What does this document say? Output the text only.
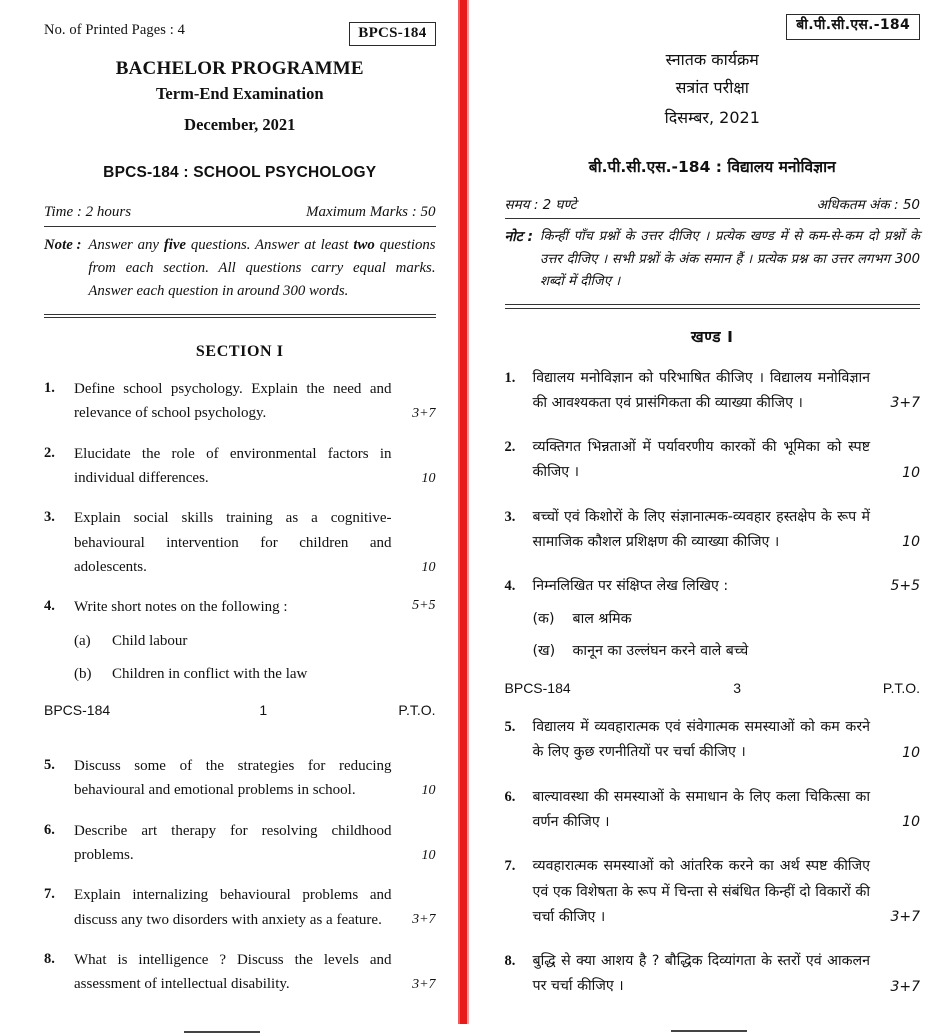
No. of Printed Pages : 4	BPCS-184
BACHELOR PROGRAMME
Term-End Examination
December, 2021
BPCS-184 : SCHOOL PSYCHOLOGY
Time : 2 hours	Maximum Marks : 50
Note : Answer any five questions. Answer at least two questions from each section. All questions carry equal marks. Answer each question in around 300 words.
SECTION I
1.	Define school psychology. Explain the need and relevance of school psychology.	3+7
2.	Elucidate the role of environmental factors in individual differences.	10
3.	Explain social skills training as a cognitive-behavioural intervention for children and adolescents.	10
4.	Write short notes on the following :	5+5
(a)	Child labour
(b)	Children in conflict with the law
BPCS-184	1	P.T.O.
5.	Discuss some of the strategies for reducing behavioural and emotional problems in school.	10
6.	Describe art therapy for resolving childhood problems.	10
7.	Explain internalizing behavioural problems and discuss any two disorders with anxiety as a feature.	3+7
8.	What is intelligence ? Discuss the levels and assessment of intellectual disability.	3+7
बी.पी.सी.एस.-184
स्नातक कार्यक्रम
सत्रांत परीक्षा
दिसम्बर, 2021
बी.पी.सी.एस.-184 : विद्यालय मनोविज्ञान
समय : 2 घण्टे	अधिकतम अंक : 50
नोट : किन्हीं पाँच प्रश्नों के उत्तर दीजिए । प्रत्येक खण्ड में से कम-से-कम दो प्रश्नों के उत्तर दीजिए । सभी प्रश्नों के अंक समान हैं । प्रत्येक प्रश्न का उत्तर लगभग 300 शब्दों में दीजिए ।
खण्ड I
1.	विद्यालय मनोविज्ञान को परिभाषित कीजिए । विद्यालय मनोविज्ञान की आवश्यकता एवं प्रासंगिकता की व्याख्या कीजिए ।	3+7
2.	व्यक्तिगत भिन्नताओं में पर्यावरणीय कारकों की भूमिका को स्पष्ट कीजिए ।	10
3.	बच्चों एवं किशोरों के लिए संज्ञानात्मक-व्यवहार हस्तक्षेप के रूप में सामाजिक कौशल प्रशिक्षण की व्याख्या कीजिए ।	10
4.	निम्नलिखित पर संक्षिप्त लेख लिखिए :	5+5
(क)	बाल श्रमिक
(ख)	कानून का उल्लंघन करने वाले बच्चे
BPCS-184	3	P.T.O.
5.	विद्यालय में व्यवहारात्मक एवं संवेगात्मक समस्याओं को कम करने के लिए कुछ रणनीतियों पर चर्चा कीजिए ।	10
6.	बाल्यावस्था की समस्याओं के समाधान के लिए कला चिकित्सा का वर्णन कीजिए ।	10
7.	व्यवहारात्मक समस्याओं को आंतरिक करने का अर्थ स्पष्ट कीजिए एवं एक विशेषता के रूप में चिन्ता से संबंधित किन्हीं दो विकारों की चर्चा कीजिए ।	3+7
8.	बुद्धि से क्या आशय है ? बौद्धिक दिव्यांगता के स्तरों एवं आकलन पर चर्चा कीजिए ।	3+7
